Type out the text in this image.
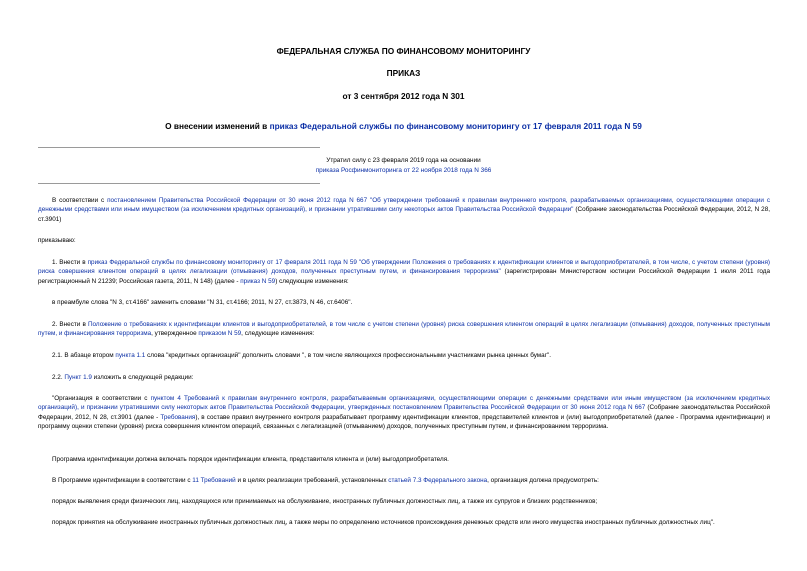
ФЕДЕРАЛЬНАЯ СЛУЖБА ПО ФИНАНСОВОМУ МОНИТОРИНГУ
ПРИКАЗ
от 3 сентября 2012 года N 301
О внесении изменений в приказ Федеральной службы по финансовому мониторингу от 17 февраля 2011 года N 59
Утратил силу с 23 февраля 2019 года на основании
приказа Росфинмониторинга от 22 ноября 2018 года N 366
В соответствии с постановлением Правительства Российской Федерации от 30 июня 2012 года N 667 "Об утверждении требований к правилам внутреннего контроля, разрабатываемых организациями, осуществляющими операции с денежными средствами или иным имуществом (за исключением кредитных организаций), и признании утратившими силу некоторых актов Правительства Российской Федерации" (Собрание законодательства Российской Федерации, 2012, N 28, ст.3901)
приказываю:
1. Внести в приказ Федеральной службы по финансовому мониторингу от 17 февраля 2011 года N 59 "Об утверждении Положения о требованиях к идентификации клиентов и выгодоприобретателей, в том числе, с учетом степени (уровня) риска совершения клиентом операций в целях легализации (отмывания) доходов, полученных преступным путем, и финансирования терроризма" (зарегистрирован Министерством юстиции Российской Федерации 1 июля 2011 года регистрационный N 21239; Российская газета, 2011, N 148) (далее - приказ N 59) следующие изменения:
в преамбуле слова "N 3, ст.4166" заменить словами "N 31, ст.4166; 2011, N 27, ст.3873, N 46, ст.6406".
2. Внести в Положение о требованиях к идентификации клиентов и выгодоприобретателей, в том числе с учетом степени (уровня) риска совершения клиентом операций в целях легализации (отмывания) доходов, полученных преступным путем, и финансирования терроризма, утвержденное приказом N 59, следующие изменения:
2.1. В абзаце втором пункта 1.1 слова "кредитных организаций" дополнить словами ", в том числе являющихся профессиональными участниками рынка ценных бумаг".
2.2. Пункт 1.9 изложить в следующей редакции:
"Организация в соответствии с пунктом 4 Требований к правилам внутреннего контроля, разрабатываемым организациями, осуществляющими операции с денежными средствами или иным имуществом (за исключением кредитных организаций), и признании утратившими силу некоторых актов Правительства Российской Федерации, утвержденных постановлением Правительства Российской Федерации от 30 июня 2012 года N 667 (Собрание законодательства Российской Федерации, 2012, N 28, ст.3901 (далее - Требования), в составе правил внутреннего контроля разрабатывает программу идентификации клиентов, представителей клиентов и (или) выгодоприобретателей (далее - Программа идентификации) и программу оценки степени (уровня) риска совершения клиентом операций, связанных с легализацией (отмыванием) доходов, полученных преступным путем, и финансированием терроризма.
Программа идентификации должна включать порядок идентификации клиента, представителя клиента и (или) выгодоприобретателя.
В Программе идентификации в соответствии с 11 Требований и в целях реализации требований, установленных статьей 7.3 Федерального закона, организация должна предусмотреть:
порядок выявления среди физических лиц, находящихся или принимаемых на обслуживание, иностранных публичных должностных лиц, а также их супругов и близких родственников;
порядок принятия на обслуживание иностранных публичных должностных лиц, а также меры по определению источников происхождения денежных средств или иного имущества иностранных публичных должностных лиц".
